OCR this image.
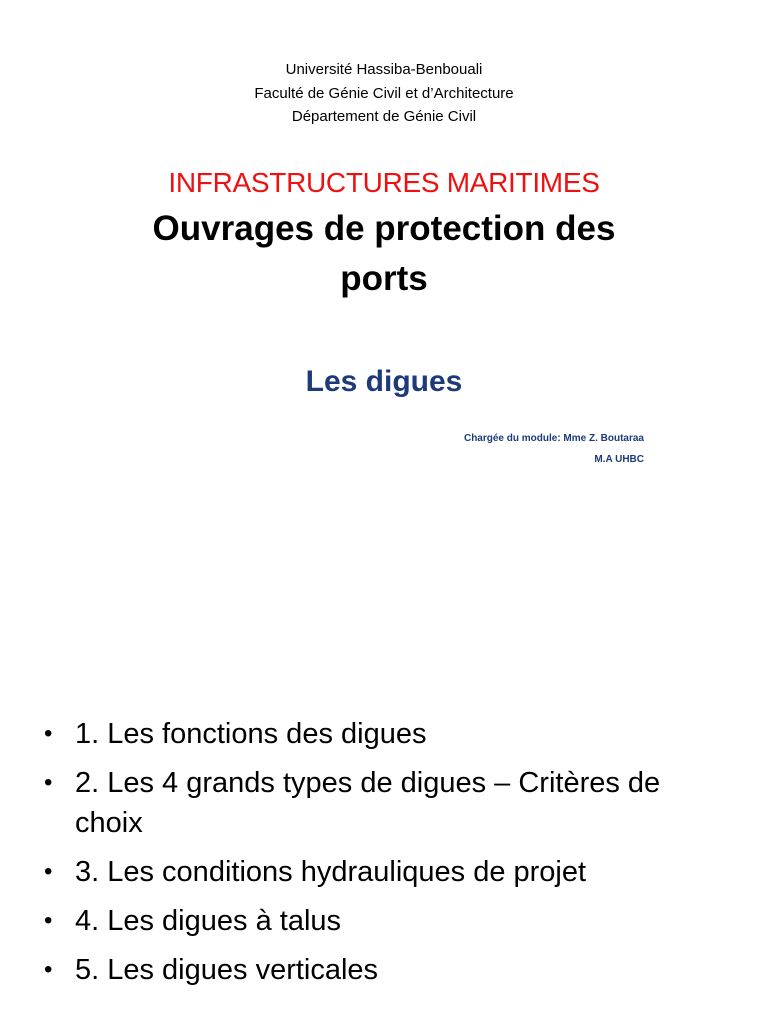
Université Hassiba-Benbouali
Faculté de Génie Civil et d’Architecture
Département de Génie Civil
INFRASTRUCTURES MARITIMES
Ouvrages de protection des
ports
Les digues
Chargée du module: Mme Z. Boutaraa
M.A UHBC
• 1. Les fonctions des digues
• 2. Les 4 grands types de digues – Critères de choix
• 3. Les conditions hydrauliques de projet
• 4. Les digues à talus
• 5. Les digues verticales
